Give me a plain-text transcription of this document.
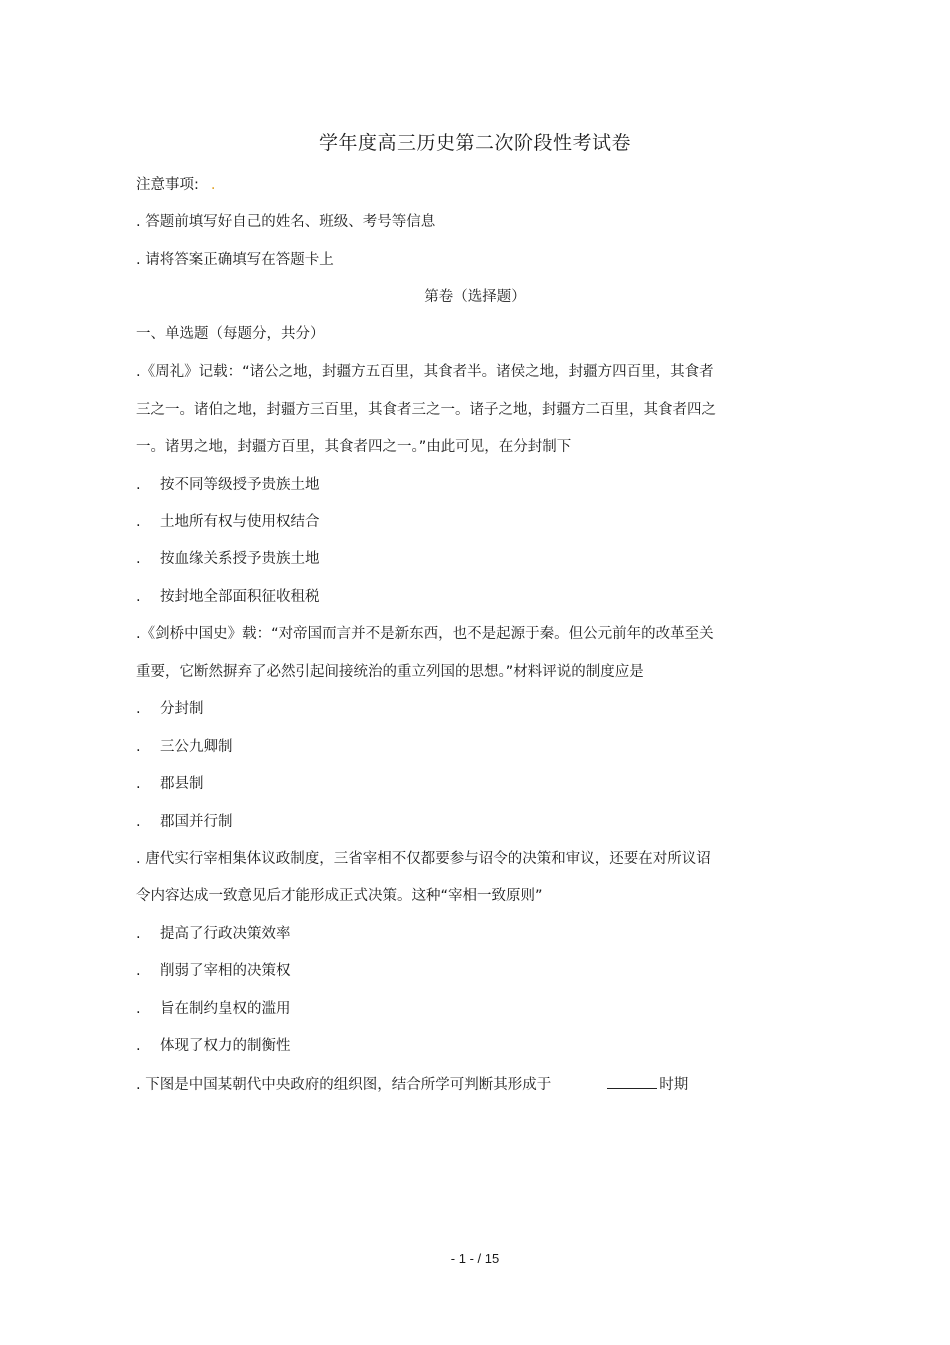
学年度高三历史第二次阶段性考试卷
注意事项: .
. 答题前填写好自己的姓名、班级、考号等信息
. 请将答案正确填写在答题卡上
第卷（选择题）
一、单选题（每题分，共分）
.《周礼》记载：“诸公之地，封疆方五百里，其食者半。诸侯之地，封疆方四百里，其食者
三之一。诸伯之地，封疆方三百里，其食者三之一。诸子之地，封疆方二百里，其食者四之
一。诸男之地，封疆方百里，其食者四之一。”由此可见，在分封制下
. 按不同等级授予贵族土地
. 土地所有权与使用权结合
. 按血缘关系授予贵族土地
. 按封地全部面积征收租税
.《剑桥中国史》载：“对帝国而言并不是新东西，也不是起源于秦。但公元前年的改革至关
重要，它断然摒弃了必然引起间接统治的重立列国的思想。”材料评说的制度应是
. 分封制
. 三公九卿制
. 郡县制
. 郡国并行制
. 唐代实行宰相集体议政制度，三省宰相不仅都要参与诏令的决策和审议，还要在对所议诏
令内容达成一致意见后才能形成正式决策。这种“宰相一致原则”
. 提高了行政决策效率
. 削弱了宰相的决策权
. 旨在制约皇权的滥用
. 体现了权力的制衡性
. 下图是中国某朝代中央政府的组织图，结合所学可判断其形成于	时期
- 1 - / 15
